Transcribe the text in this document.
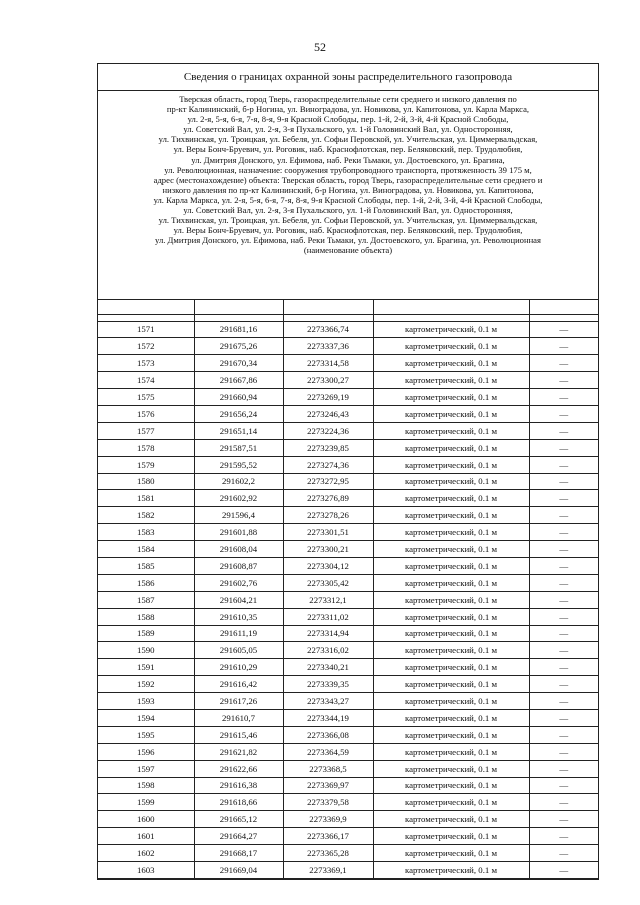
52
Сведения о границах охранной зоны распределительного газопровода

Тверская область, город Тверь, газораспределительные сети среднего и низкого давления по

пр-кт Калининский, б-р Ногина, ул. Виноградова, ул. Новикова, ул. Капитонова, ул. Карла Маркса,

ул. 2-я, 5-я, 6-я, 7-я, 8-я, 9-я Красной Слободы, пер. 1-й, 2-й, 3-й, 4-й Красной Слободы,

ул. Советский Вал, ул. 2-я, 3-я Пухальского, ул. 1-й Головинский Вал, ул. Односторонняя,

ул. Тихвинская, ул. Троицкая, ул. Бебеля, ул. Софьи Перовской, ул. Учительская, ул. Циммервальдская,

ул. Веры Бонч-Бруевич, ул. Роговик, наб. Краснофлотская, пер. Беляковский, пер. Трудолюбия,

ул. Дмитрия Донского, ул. Ефимова, наб. Реки Тьмаки, ул. Достоевского, ул. Брагина,

ул. Революционная, назначение: сооружения трубопроводного транспорта, протяженность 39 175 м,

адрес (местонахождение) объекта: Тверская область, город Тверь, газораспределительные сети среднего и

низкого давления по пр-кт Калининский, б-р Ногина, ул. Виноградова, ул. Новикова, ул. Капитонова,

ул. Карла Маркса, ул. 2-я, 5-я, 6-я, 7-я, 8-я, 9-я Красной Слободы, пер. 1-й, 2-й, 3-й, 4-й Красной Слободы,

ул. Советский Вал, ул. 2-я, 3-я Пухальского, ул. 1-й Головинский Вал, ул. Односторонняя,

ул. Тихвинская, ул. Троицкая, ул. Бебеля, ул. Софьи Перовской, ул. Учительская, ул. Циммервальдская,

ул. Веры Бонч-Бруевич, ул. Роговик, наб. Краснофлотская, пер. Беляковский, пер. Трудолюбия,

ул. Дмитрия Донского, ул. Ефимова, наб. Реки Тьмаки, ул. Достоевского, ул. Брагина, ул. Революционная

(наименование объекта)

1571	291681,16	2273366,74	картометрический, 0.1 м	—
1572	291675,26	2273337,36	картометрический, 0.1 м	—
1573	291670,34	2273314,58	картометрический, 0.1 м	—
1574	291667,86	2273300,27	картометрический, 0.1 м	—
1575	291660,94	2273269,19	картометрический, 0.1 м	—
1576	291656,24	2273246,43	картометрический, 0.1 м	—
1577	291651,14	2273224,36	картометрический, 0.1 м	—
1578	291587,51	2273239,85	картометрический, 0.1 м	—
1579	291595,52	2273274,36	картометрический, 0.1 м	—
1580	291602,2	2273272,95	картометрический, 0.1 м	—
1581	291602,92	2273276,89	картометрический, 0.1 м	—
1582	291596,4	2273278,26	картометрический, 0.1 м	—
1583	291601,88	2273301,51	картометрический, 0.1 м	—
1584	291608,04	2273300,21	картометрический, 0.1 м	—
1585	291608,87	2273304,12	картометрический, 0.1 м	—
1586	291602,76	2273305,42	картометрический, 0.1 м	—
1587	291604,21	2273312,1	картометрический, 0.1 м	—
1588	291610,35	2273311,02	картометрический, 0.1 м	—
1589	291611,19	2273314,94	картометрический, 0.1 м	—
1590	291605,05	2273316,02	картометрический, 0.1 м	—
1591	291610,29	2273340,21	картометрический, 0.1 м	—
1592	291616,42	2273339,35	картометрический, 0.1 м	—
1593	291617,26	2273343,27	картометрический, 0.1 м	—
1594	291610,7	2273344,19	картометрический, 0.1 м	—
1595	291615,46	2273366,08	картометрический, 0.1 м	—
1596	291621,82	2273364,59	картометрический, 0.1 м	—
1597	291622,66	2273368,5	картометрический, 0.1 м	—
1598	291616,38	2273369,97	картометрический, 0.1 м	—
1599	291618,66	2273379,58	картометрический, 0.1 м	—
1600	291665,12	2273369,9	картометрический, 0.1 м	—
1601	291664,27	2273366,17	картометрический, 0.1 м	—
1602	291668,17	2273365,28	картометрический, 0.1 м	—
1603	291669,04	2273369,1	картометрический, 0.1 м	—
